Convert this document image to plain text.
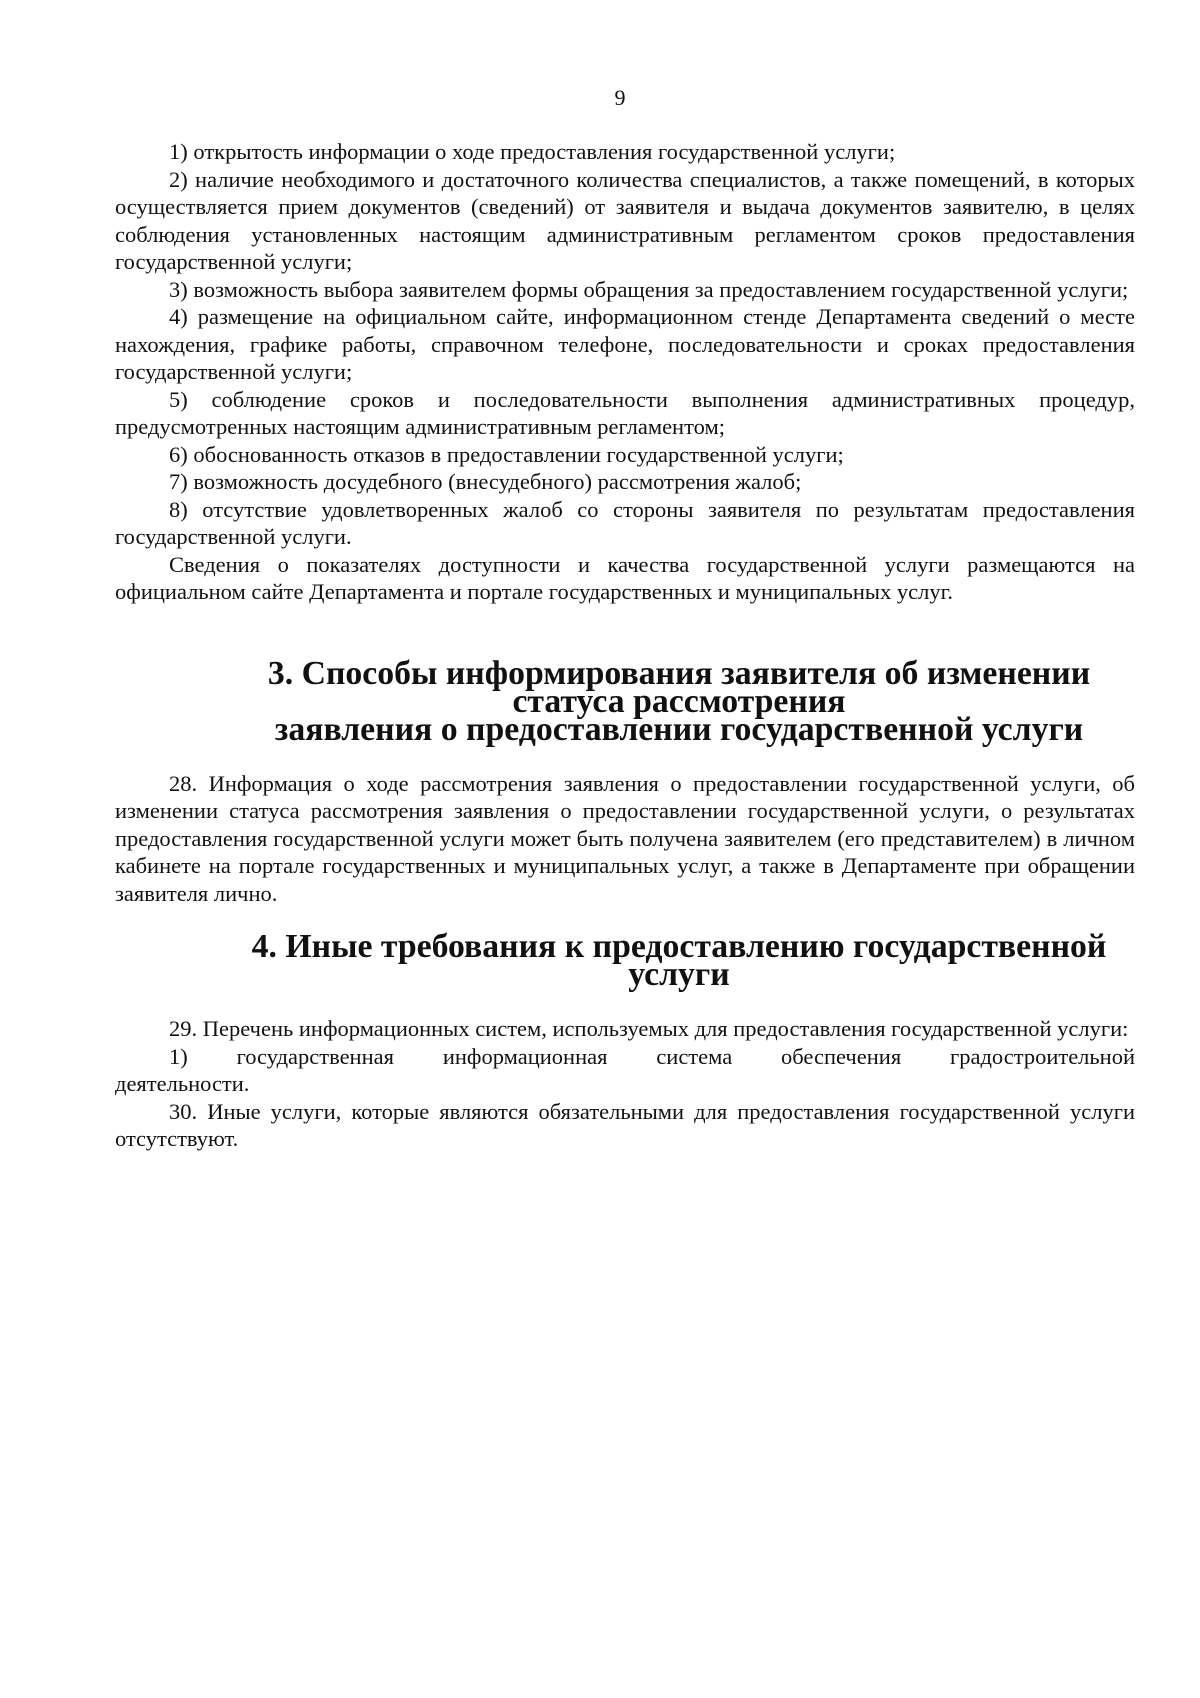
9

1) открытость информации о ходе предоставления государственной услуги;

2) наличие необходимого и достаточного количества специалистов, а также помещений, в которых осуществляется прием документов (сведений) от заявителя и выдача документов заявителю, в целях соблюдения установленных настоящим административным регламентом сроков предоставления государственной услуги;

3) возможность выбора заявителем формы обращения за предоставлением государственной услуги;

4) размещение на официальном сайте, информационном стенде Департамента сведений о месте нахождения, графике работы, справочном телефоне, последовательности и сроках предоставления государственной услуги;

5) соблюдение сроков и последовательности выполнения административных процедур, предусмотренных настоящим административным регламентом;

6) обоснованность отказов в предоставлении государственной услуги;

7) возможность досудебного (внесудебного) рассмотрения жалоб;

8) отсутствие удовлетворенных жалоб со стороны заявителя по результатам предоставления государственной услуги.

Сведения о показателях доступности и качества государственной услуги размещаются на официальном сайте Департамента и портале государственных и муниципальных услуг.

3. Способы информирования заявителя об изменении статуса рассмотрения
заявления о предоставлении государственной услуги

28. Информация о ходе рассмотрения заявления о предоставлении государственной услуги, об изменении статуса рассмотрения заявления о предоставлении государственной услуги, о результатах предоставления государственной услуги может быть получена заявителем (его представителем) в личном кабинете на портале государственных и муниципальных услуг, а также в Департаменте при обращении заявителя лично.

4. Иные требования к предоставлению государственной услуги

29. Перечень информационных систем, используемых для предоставления государственной услуги:

1) государственная информационная система обеспечения градостроительной

деятельности.

30. Иные услуги, которые являются обязательными для предоставления государственной услуги отсутствуют.
